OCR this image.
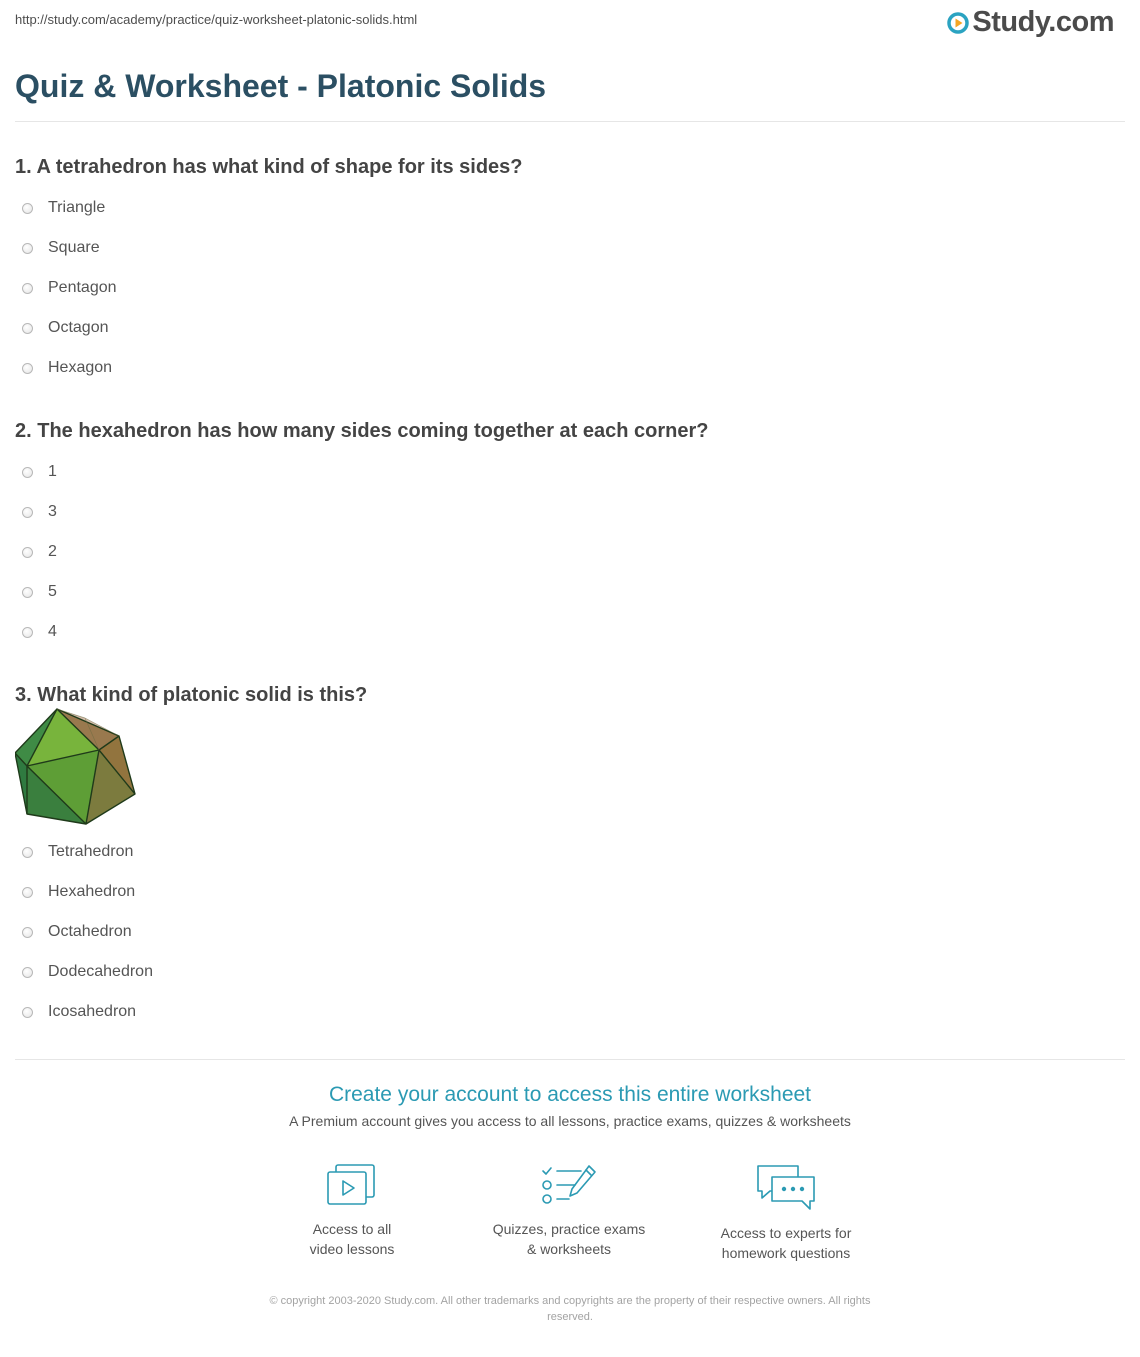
http://study.com/academy/practice/quiz-worksheet-platonic-solids.html	Study.com
Quiz & Worksheet - Platonic Solids
1. A tetrahedron has what kind of shape for its sides?
Triangle
Square
Pentagon
Octagon
Hexagon
2. The hexahedron has how many sides coming together at each corner?
1
3
2
5
4
3. What kind of platonic solid is this?
Tetrahedron
Hexahedron
Octahedron
Dodecahedron
Icosahedron
Create your account to access this entire worksheet
A Premium account gives you access to all lessons, practice exams, quizzes & worksheets
Access to all
video lessons
Quizzes, practice exams
& worksheets
Access to experts for
homework questions
© copyright 2003-2020 Study.com. All other trademarks and copyrights are the property of their respective owners. All rights
reserved.
